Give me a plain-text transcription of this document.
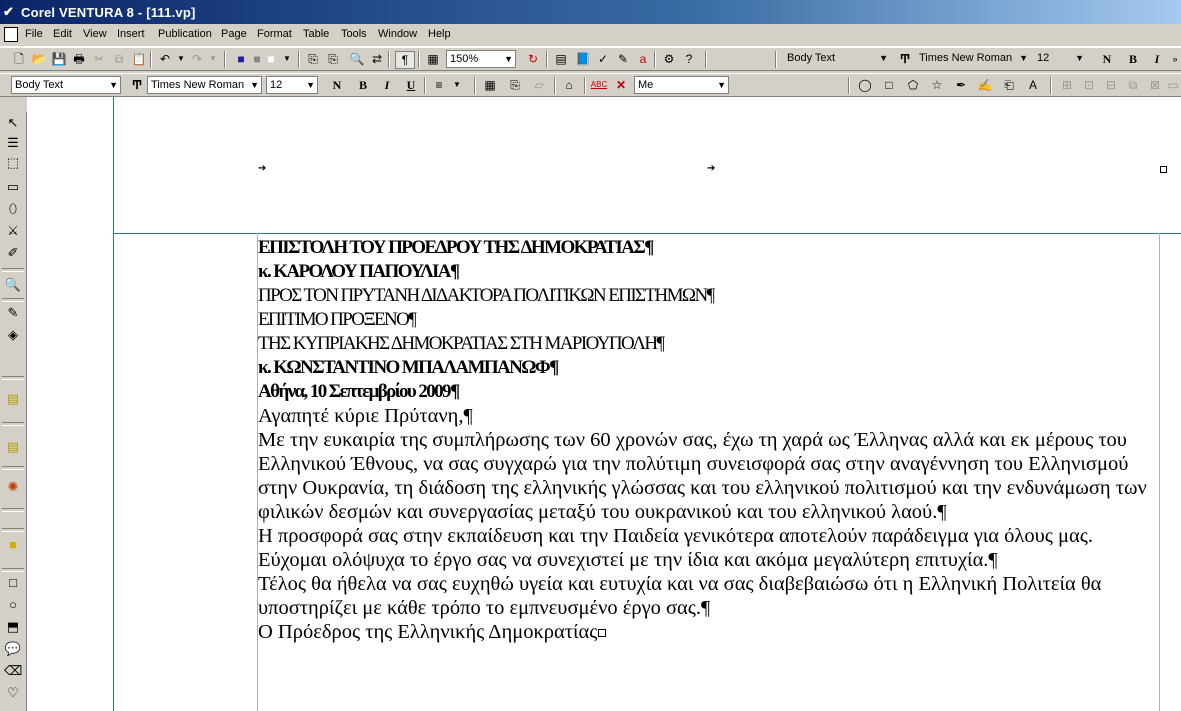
✔ Corel VENTURA 8 - [111.vp]
File Edit View Insert Publication Page Format Table Tools Window Help
🗋 📂 💾 🖶 ✂ ⧉ 📋	↶ ▼ ↷ ▼	■ ■ ■	▼	⎘ ⎘ 🔍 ⇄	¶	▦	150%	▼	↻	▤ 📘 ✓ ✎ a	⚙ ?	Body Text	▼ Ͳ Times New Roman ▼ 12	▼	N	B	I	»
Body Text	▼	Ͳ Times New Roman ▼	12	▼	N	B	I	U	≡	▼	▦	⎘	▱	⌂	ABC ✕	Me	▼	◯	□	⬠	☆	✒ ✍ ⎗	A	⊞ ⊡ ⊟	⧉	⊠ ▭
↖
☰
⬚
▭
⬯
⚔
✐
🔍
✎
◈
▤
▤
✺
■
□
○
⬒
💬
⌫
♡
➔	➔
ΕΠΙΣΤΟΛΗ ΤΟΥ ΠΡΟΕΔΡΟΥ ΤΗΣ ΔΗΜΟΚΡΑΤΙΑΣ¶
κ. ΚΑΡΟΛΟΥ ΠΑΠΟΥΛΙΑ¶
ΠΡΟΣ ΤΟΝ ΠΡΥΤΑΝΗ ΔΙΔΑΚΤΟΡΑ ΠΟΛΙΤΙΚΩΝ ΕΠΙΣΤΗΜΩΝ¶
ΕΠΙΤΙΜΟ ΠΡΟΞΕΝΟ¶
ΤΗΣ ΚΥΠΡΙΑΚΗΣ ΔΗΜΟΚΡΑΤΙΑΣ ΣΤΗ ΜΑΡΙΟΥΠΟΛΗ¶
κ. ΚΩΝΣΤΑΝΤΙΝΟ ΜΠΑΛΑΜΠΑΝΩΦ¶
Αθήνα, 10 Σεπτεμβρίου 2009¶
Αγαπητέ κύριε Πρύτανη,¶
Με την ευκαιρία της συμπλήρωσης των 60 χρονών σας, έχω τη χαρά ως Έλληνας αλλά και εκ μέρους του Ελληνικού Έθνους, να σας συγχαρώ για την πολύτιμη συνεισφορά σας στην αναγέννηση του Ελληνισμού στην Ουκρανία, τη διάδοση της ελληνικής γλώσσας και του ελληνικού πολιτισμού και την ενδυνάμωση των φιλικών δεσμών και συνεργασίας μεταξύ του ουκρανικού και του ελληνικού λαού.¶
Η προσφορά σας στην εκπαίδευση και την Παιδεία γενικότερα αποτελούν παράδειγμα για όλους μας. Εύχομαι ολόψυχα το έργο σας να συνεχιστεί με την ίδια και ακόμα μεγαλύτερη επιτυχία.¶
Τέλος θα ήθελα να σας ευχηθώ υγεία και ευτυχία και να σας διαβεβαιώσω ότι η Ελληνική Πολιτεία θα υποστηρίζει με κάθε τρόπο το εμπνευσμένο έργο σας.¶
Ο Πρόεδρος της Ελληνικής Δημοκρατίας
